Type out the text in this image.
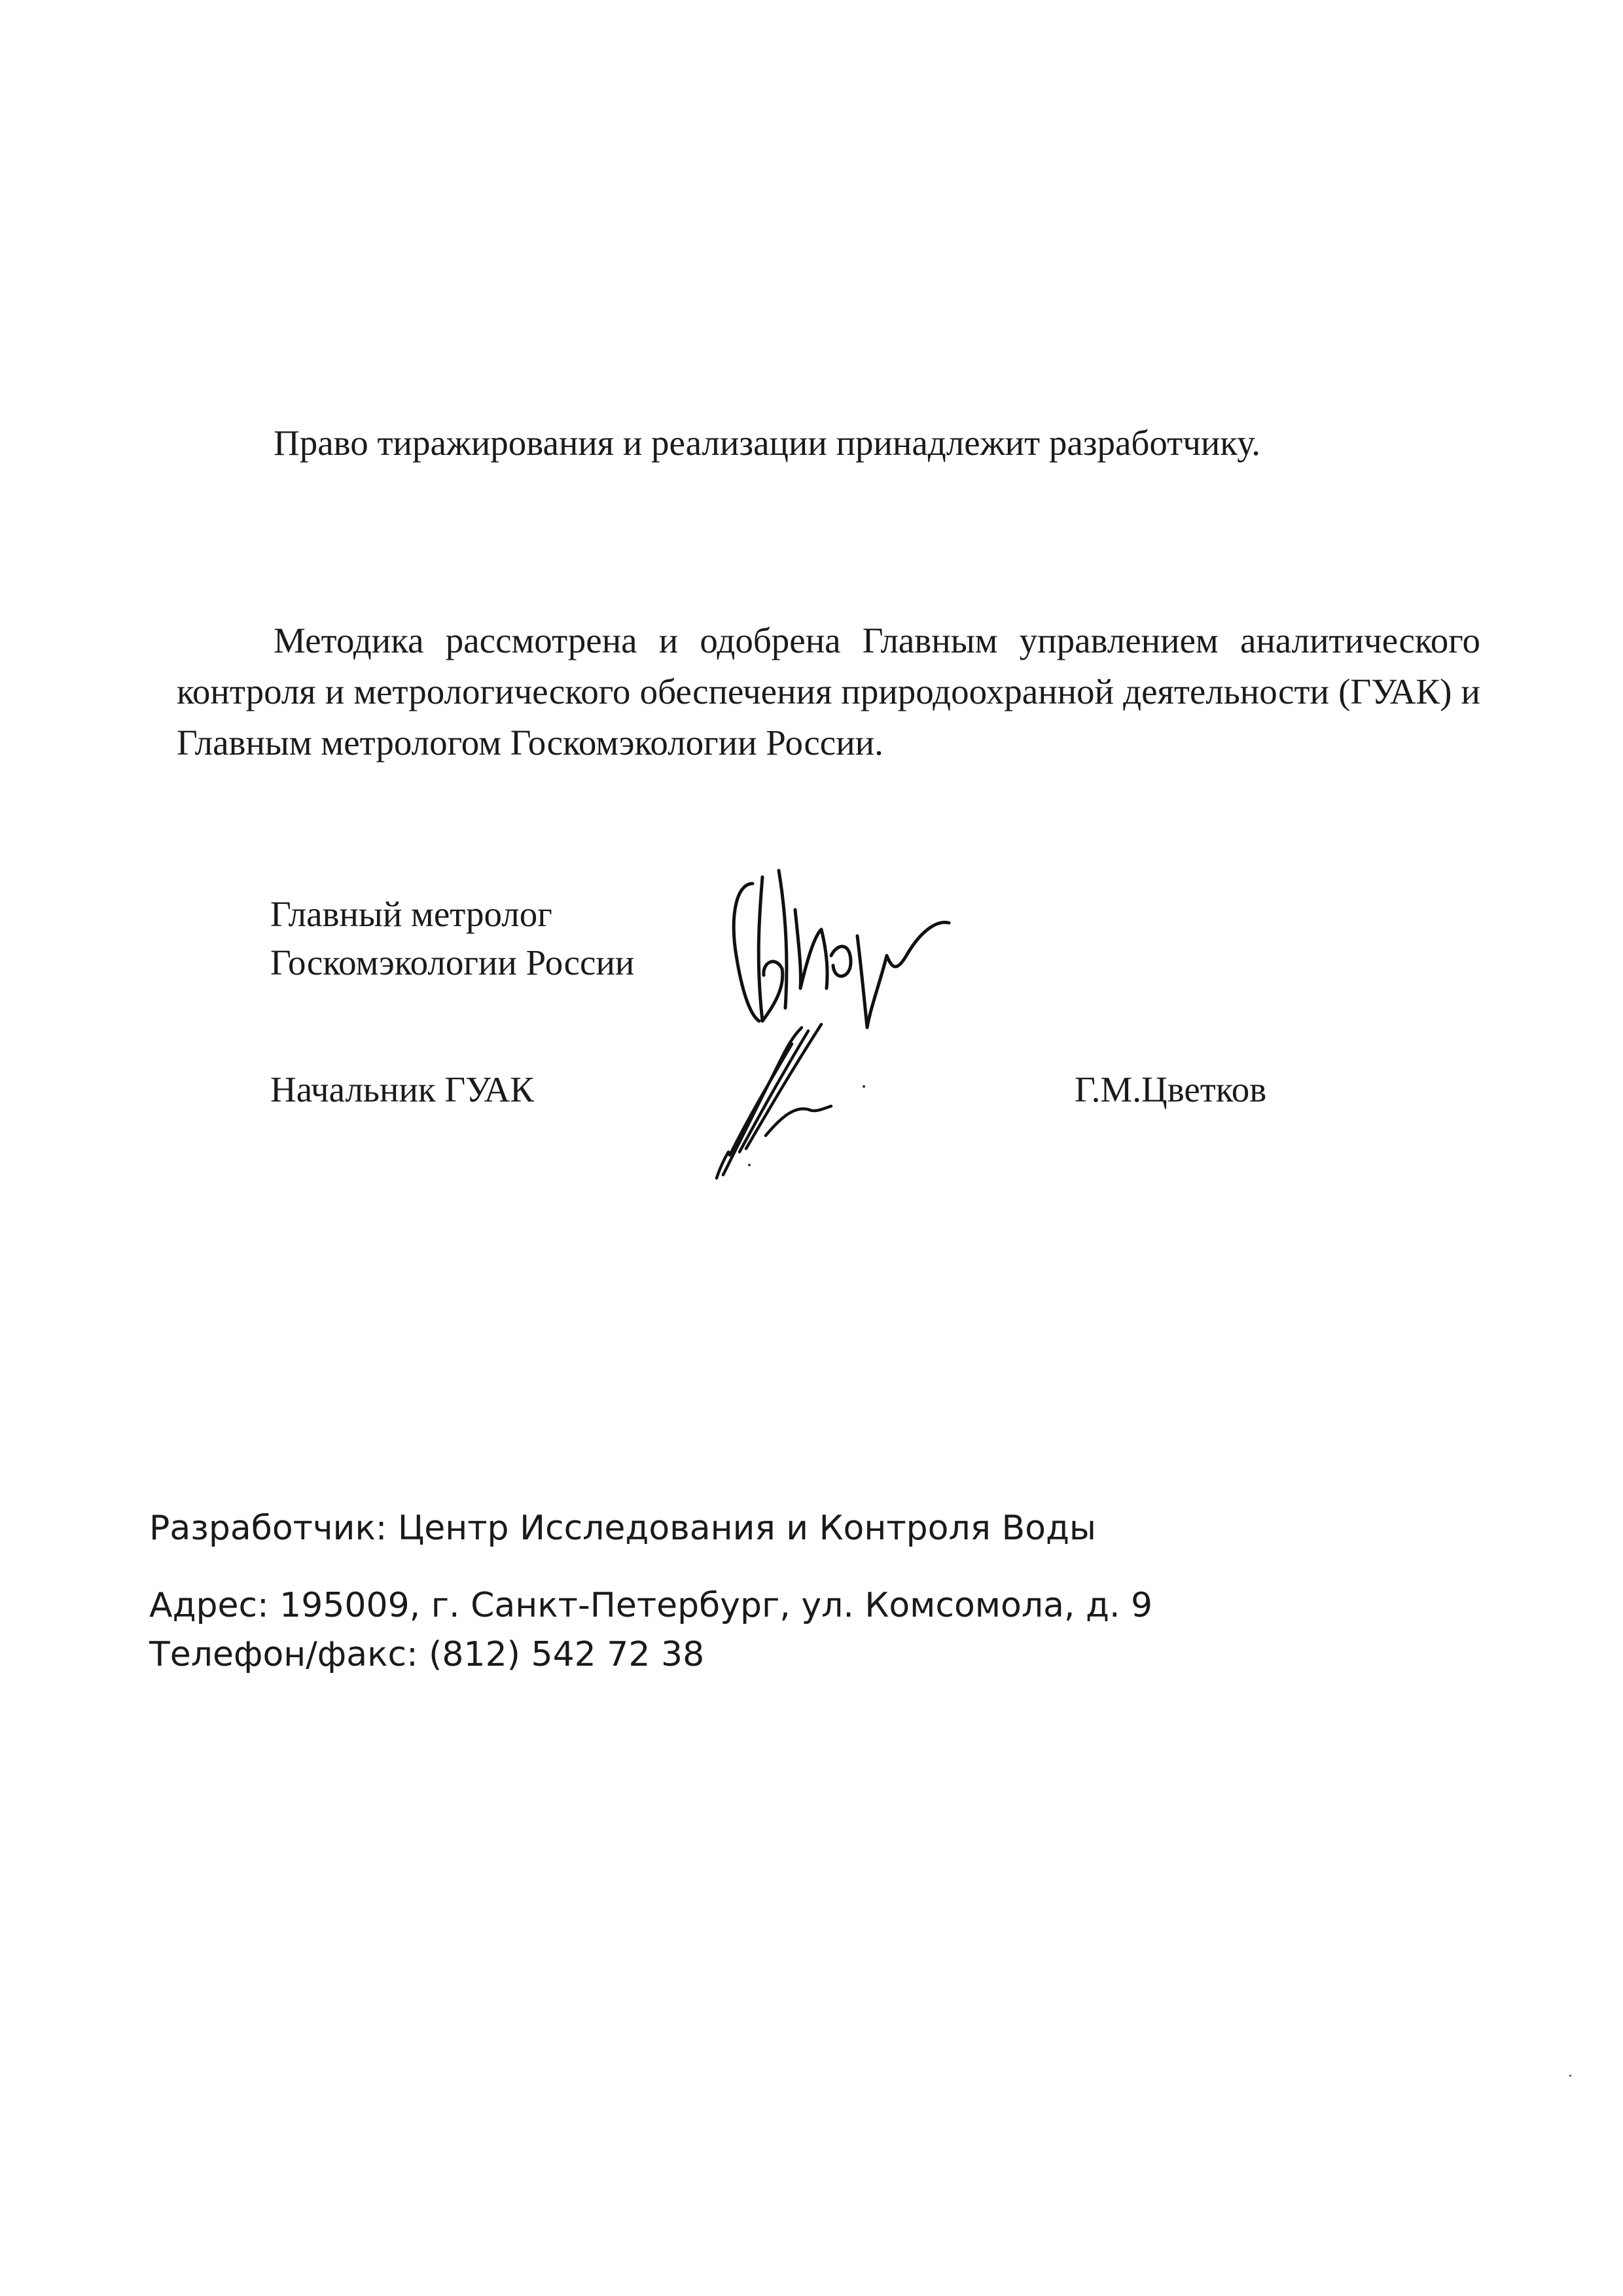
Право тиражирования и реализации принадлежит разработчику.

Методика рассмотрена и одобрена Главным управлением аналитического контроля и метрологического обеспечения природоохранной деятельности (ГУАК) и Главным метрологом Госкомэкологии России.

Главный метролог
Госкомэкологии России
Начальник ГУАК	Г.М.Цветков
Разработчик: Центр Исследования и Контроля Воды
Адрес: 195009, г. Санкт-Петербург, ул. Комсомола, д. 9
Телефон/факс: (812) 542 72 38
